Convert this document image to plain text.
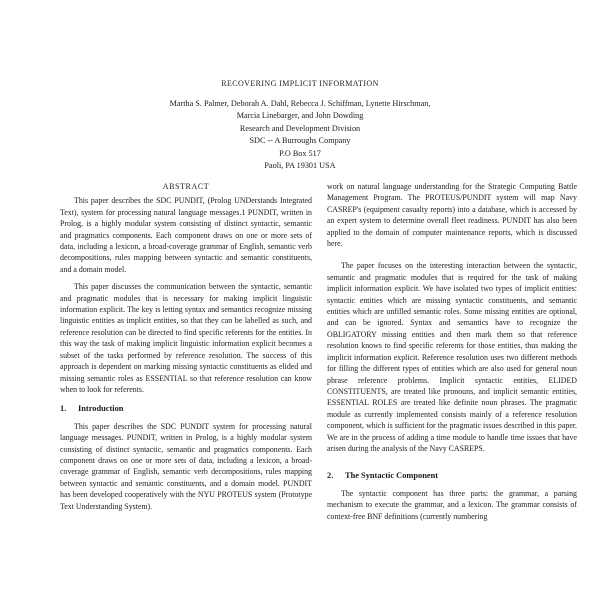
RECOVERING IMPLICIT INFORMATION
Martha S. Palmer, Deborah A. Dahl, Rebecca J. Schiffman, Lynette Hirschman,
Marcia Linebarger, and John Dowding
Research and Development Division
SDC -- A Burroughs Company
P.O Box 517
Paoli, PA 19301 USA
ABSTRACT

This paper describes the SDC PUNDIT, (Prolog UNDerstands Integrated Text), system for processing natural language messages.1 PUNDIT, written in Prolog, is a highly modular system consisting of distinct syntactic, semantic and pragmatics components. Each component draws on one or more sets of data, including a lexicon, a broad-coverage grammar of English, semantic verb decompositions, rules mapping between syntactic and semantic constituents, and a domain model.

This paper discusses the communication between the syntactic, semantic and pragmatic modules that is necessary for making implicit linguistic information explicit. The key is letting syntax and semantics recognize missing linguistic entities as implicit entities, so that they can be labelled as such, and reference resolution can be directed to find specific referents for the entities. In this way the task of making implicit linguistic information explicit becomes a subset of the tasks performed by reference resolution. The success of this approach is dependent on marking missing syntactic constituents as elided and missing semantic roles as ESSENTIAL so that reference resolution can know when to look for referents.

1. Introduction

This paper describes the SDC PUNDIT system for processing natural language messages. PUNDIT, written in Prolog, is a highly modular system consisting of distinct syntactic, semantic and pragmatics components. Each component draws on one or more sets of data, including a lexicon, a broad-coverage grammar of English, semantic verb decompositions, rules mapping between syntactic and semantic constituents, and a domain model. PUNDIT has been developed cooperatively with the NYU PROTEUS system (Prototype Text Understanding System).

work on natural language understanding for the Strategic Computing Battle Management Program. The PROTEUS/PUNDIT system will map Navy CASREP's (equipment casualty reports) into a database, which is accessed by an expert system to determine overall fleet readiness. PUNDIT has also been applied to the domain of computer maintenance reports, which is discussed here.

The paper focuses on the interesting interaction between the syntactic, semantic and pragmatic modules that is required for the task of making implicit information explicit. We have isolated two types of implicit entities: syntactic entities which are missing syntactic constituents, and semantic entities which are unfilled semantic roles. Some missing entities are optional, and can be ignored. Syntax and semantics have to recognize the OBLIGATORY missing entities and then mark them so that reference resolution knows to find specific referents for those entities, thus making the implicit information explicit. Reference resolution uses two different methods for filling the different types of entities which are also used for general noun phrase reference problems. Implicit syntactic entities, ELIDED CONSTITUENTS, are treated like pronouns, and implicit semantic entities, ESSENTIAL ROLES are treated like definite noun phrases. The pragmatic module as currently implemented consists mainly of a reference resolution component, which is sufficient for the pragmatic issues described in this paper. We are in the process of adding a time module to handle time issues that have arisen during the analysis of the Navy CASREPS.

2. The Syntactic Component

The syntactic component has three parts: the grammar, a parsing mechanism to execute the grammar, and a lexicon. The grammar consists of context-free BNF definitions (currently numbering
